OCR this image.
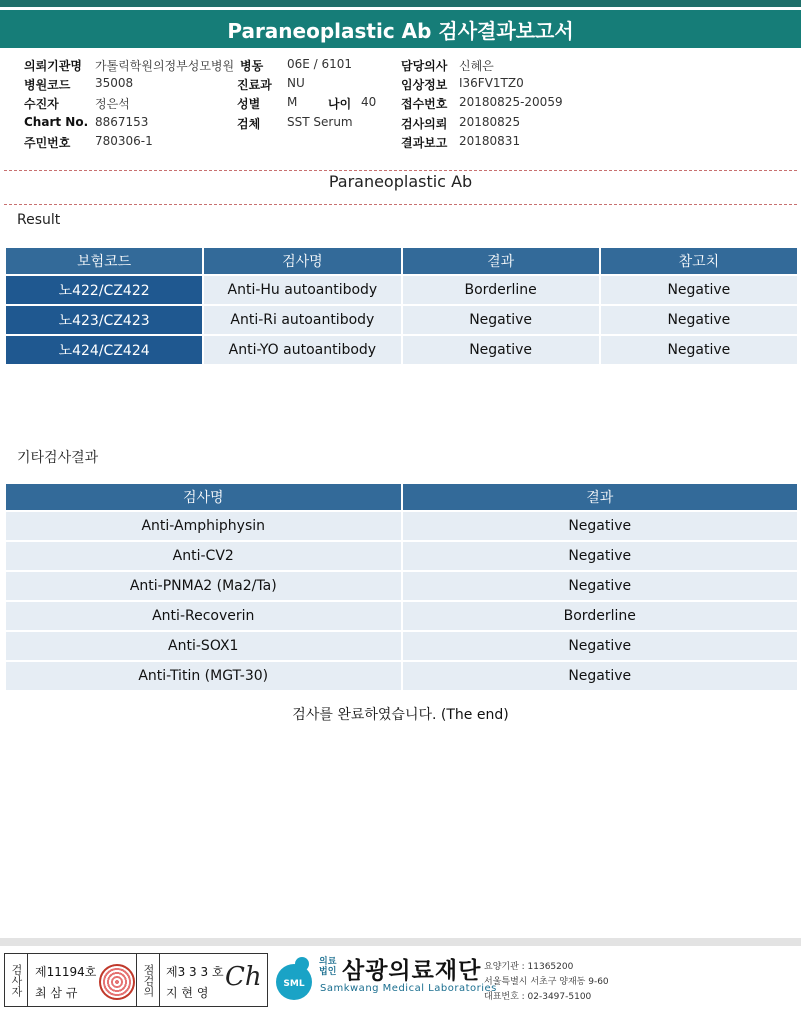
Paraneoplastic Ab 검사결과보고서
의뢰기관명 가톨릭학원의정부성모병원 병동 06E / 6101	담당의사 신혜은
병원코드 35008	진료과 NU	임상정보 I36FV1TZ0
수진자	정은석	성별 M	나이 40 접수번호 20180825-20059
Chart No. 8867153	검체 SST Serum	검사의뢰 20180825
주민번호 780306-1	결과보고 20180831
Paraneoplastic Ab
Result
보험코드	검사명	결과	참고치
노422/CZ422	Anti-Hu autoantibody	Borderline	Negative
노423/CZ423	Anti-Ri autoantibody	Negative	Negative
노424/CZ424	Anti-YO autoantibody	Negative	Negative
기타검사결과
검사명	결과
Anti-Amphiphysin	Negative
Anti-CV2	Negative
Anti-PNMA2 (Ma2/Ta)	Negative
Anti-Recoverin	Borderline
Anti-SOX1	Negative
Anti-Titin (MGT-30)	Negative
검사를 완료하였습니다. (The end)
검사자	제11194호
최 삼 규	점검의 제3 3 3 호
지 현 영
Ch SML
의료
법인 삼광의료재단
Samkwang Medical Laboratories
요양기관 : 11365200
서울특별시 서초구 양재동 9-60
대표번호 : 02-3497-5100
